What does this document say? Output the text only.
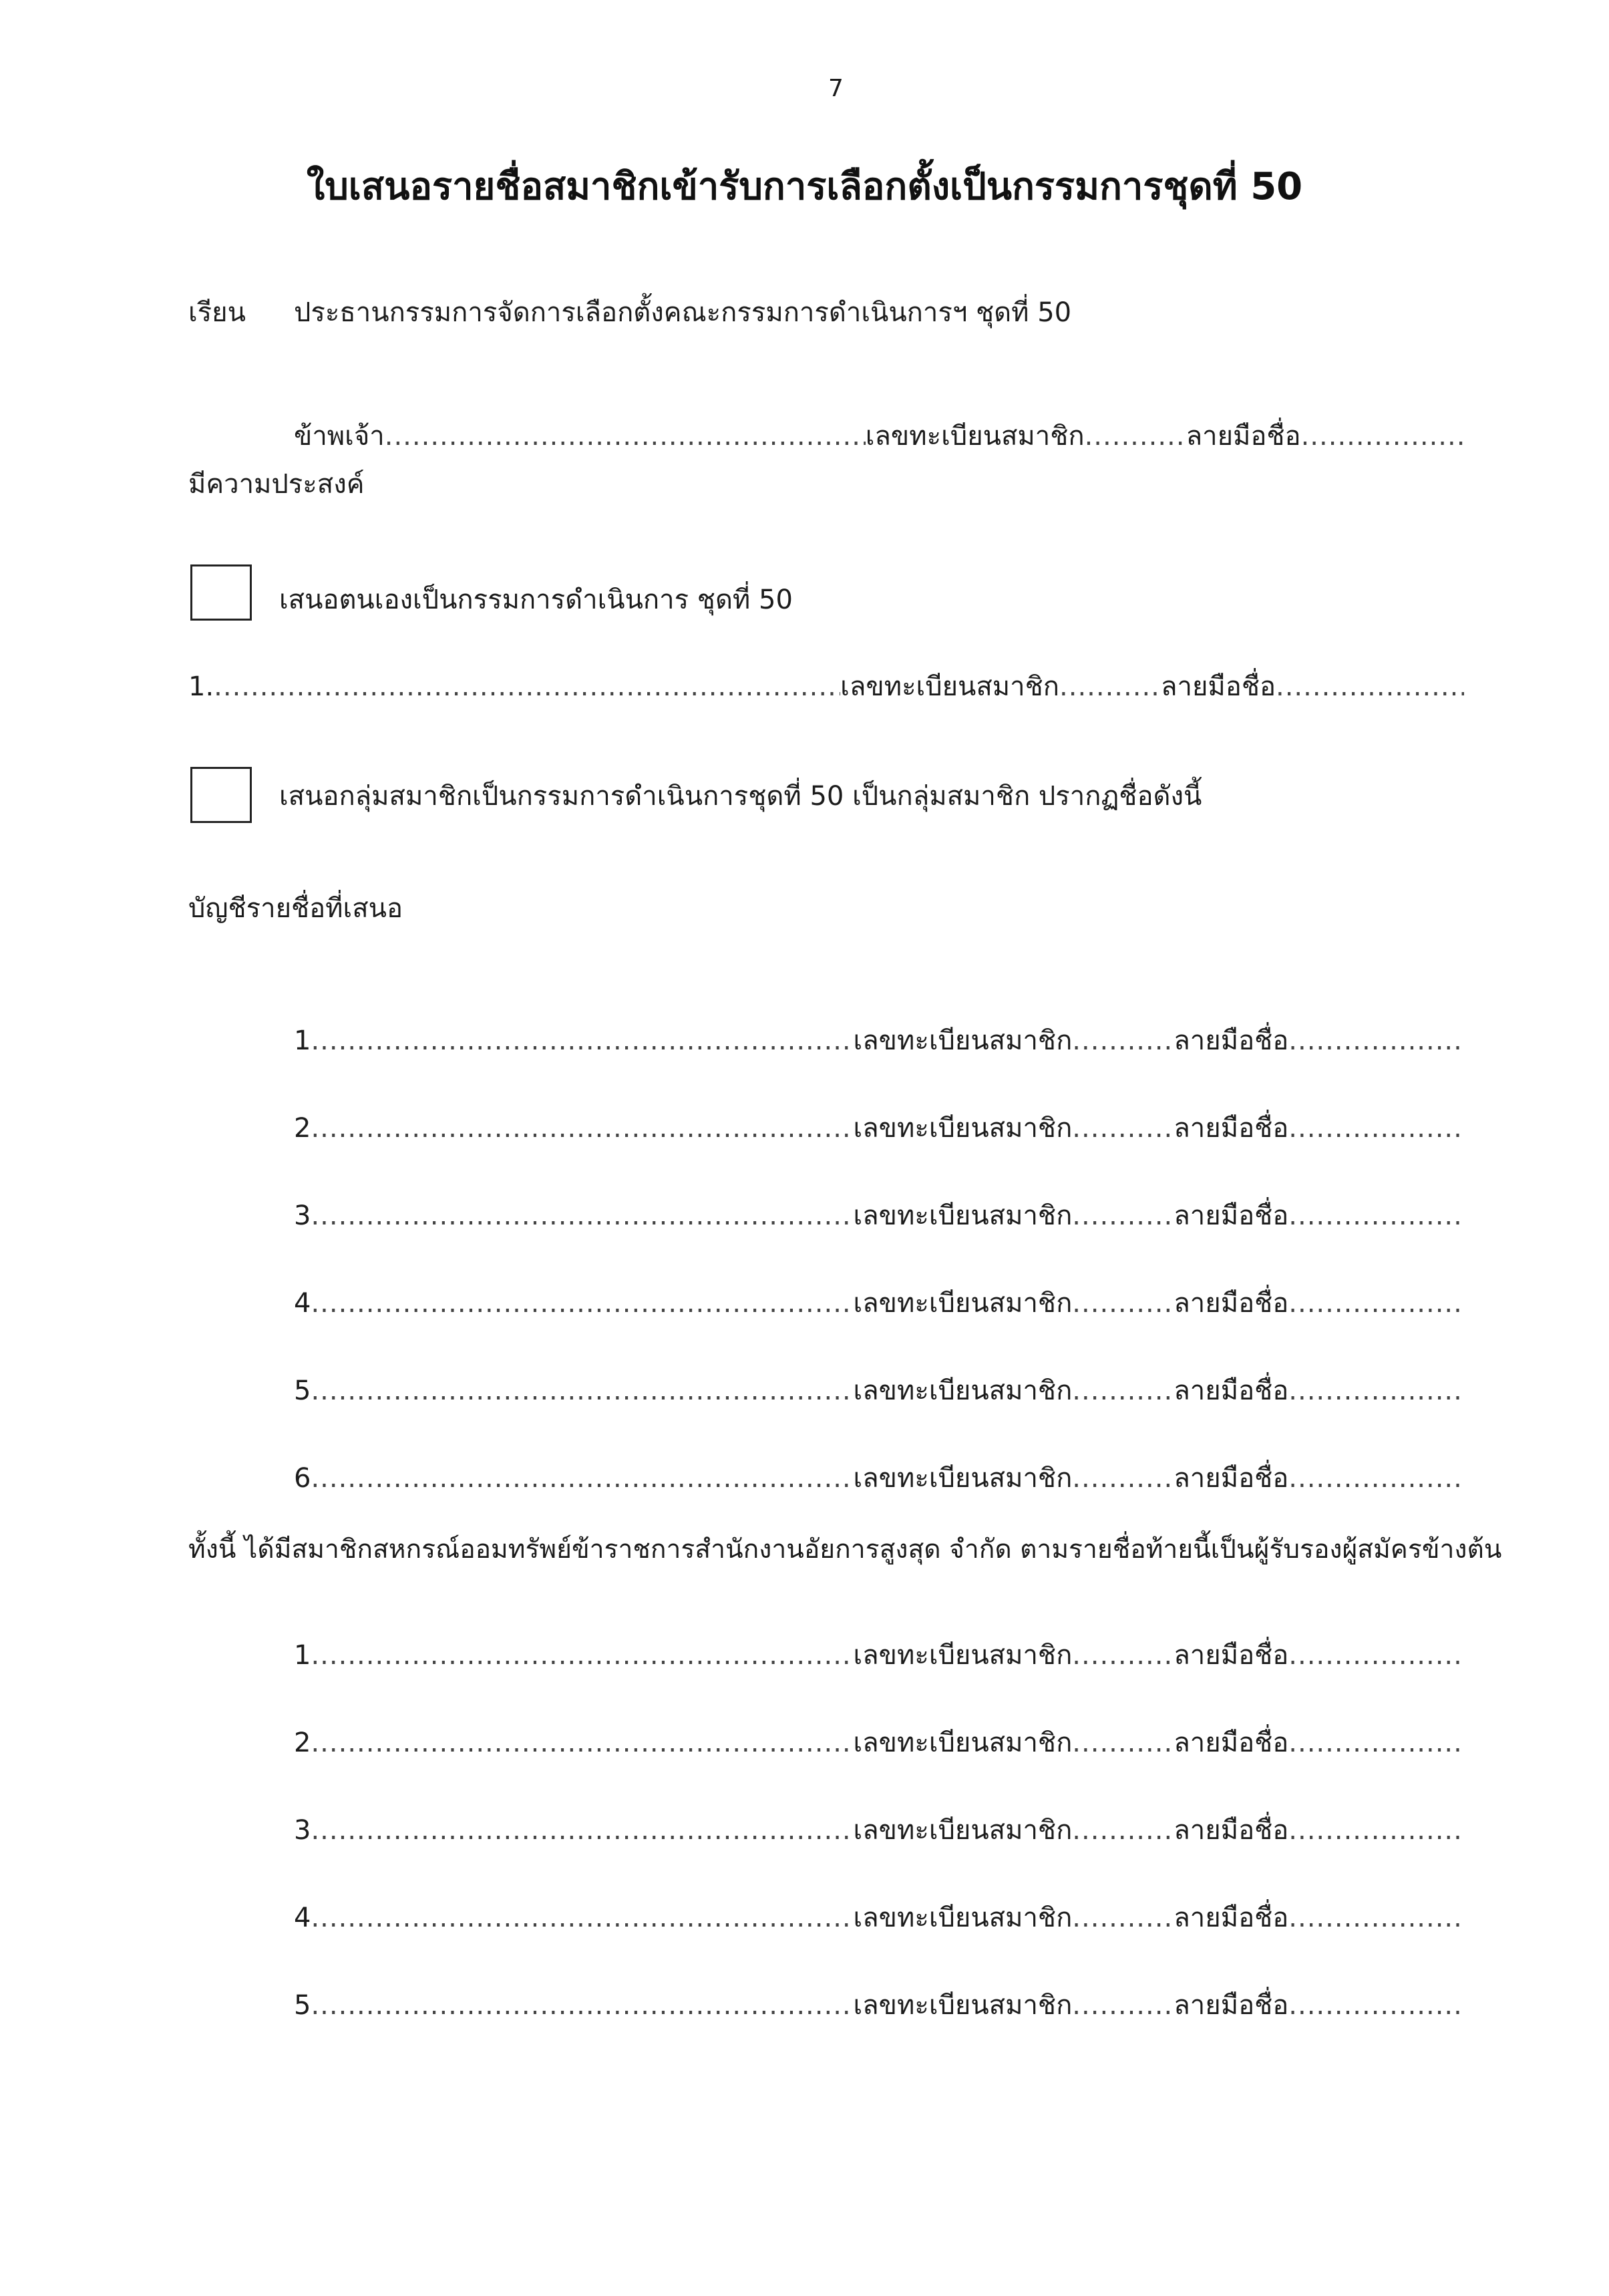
7
ใบเสนอรายชื่อสมาชิกเข้ารับการเลือกตั้งเป็นกรรมการชุดที่ 50
เรียน ประธานกรรมการจัดการเลือกตั้งคณะกรรมการดำเนินการฯ ชุดที่ 50
ข้าพเจ้า .....	เลขทะเบียนสมาชิก .....	ลายมือชื่อ
.....
มีความประสงค์
เสนอตนเองเป็นกรรมการดำเนินการ ชุดที่ 50
1. .....	เลขทะเบียนสมาชิก .....	ลายมือชื่อ
.....
เสนอกลุ่มสมาชิกเป็นกรรมการดำเนินการชุดที่ 50 เป็นกลุ่มสมาชิก ปรากฏชื่อดังนี้
บัญชีรายชื่อที่เสนอ
1 .....	เลขทะเบียนสมาชิก .....	ลายมือชื่อ
.....
2 .....	เลขทะเบียนสมาชิก .....	ลายมือชื่อ
.....
3 .....	เลขทะเบียนสมาชิก .....	ลายมือชื่อ
.....
4 .....	เลขทะเบียนสมาชิก .....	ลายมือชื่อ
.....
5 .....	เลขทะเบียนสมาชิก .....	ลายมือชื่อ
.....
6 .....	เลขทะเบียนสมาชิก .....	ลายมือชื่อ
.....
ทั้งนี้ ได้มีสมาชิกสหกรณ์ออมทรัพย์ข้าราชการสำนักงานอัยการสูงสุด จำกัด ตามรายชื่อท้ายนี้เป็นผู้รับรองผู้สมัครข้างต้น
1 .....	เลขทะเบียนสมาชิก .....	ลายมือชื่อ
.....
2 .....	เลขทะเบียนสมาชิก .....	ลายมือชื่อ
.....
3 .....	เลขทะเบียนสมาชิก .....	ลายมือชื่อ
.....
4 .....	เลขทะเบียนสมาชิก .....	ลายมือชื่อ
.....
5 .....	เลขทะเบียนสมาชิก .....	ลายมือชื่อ
.....
